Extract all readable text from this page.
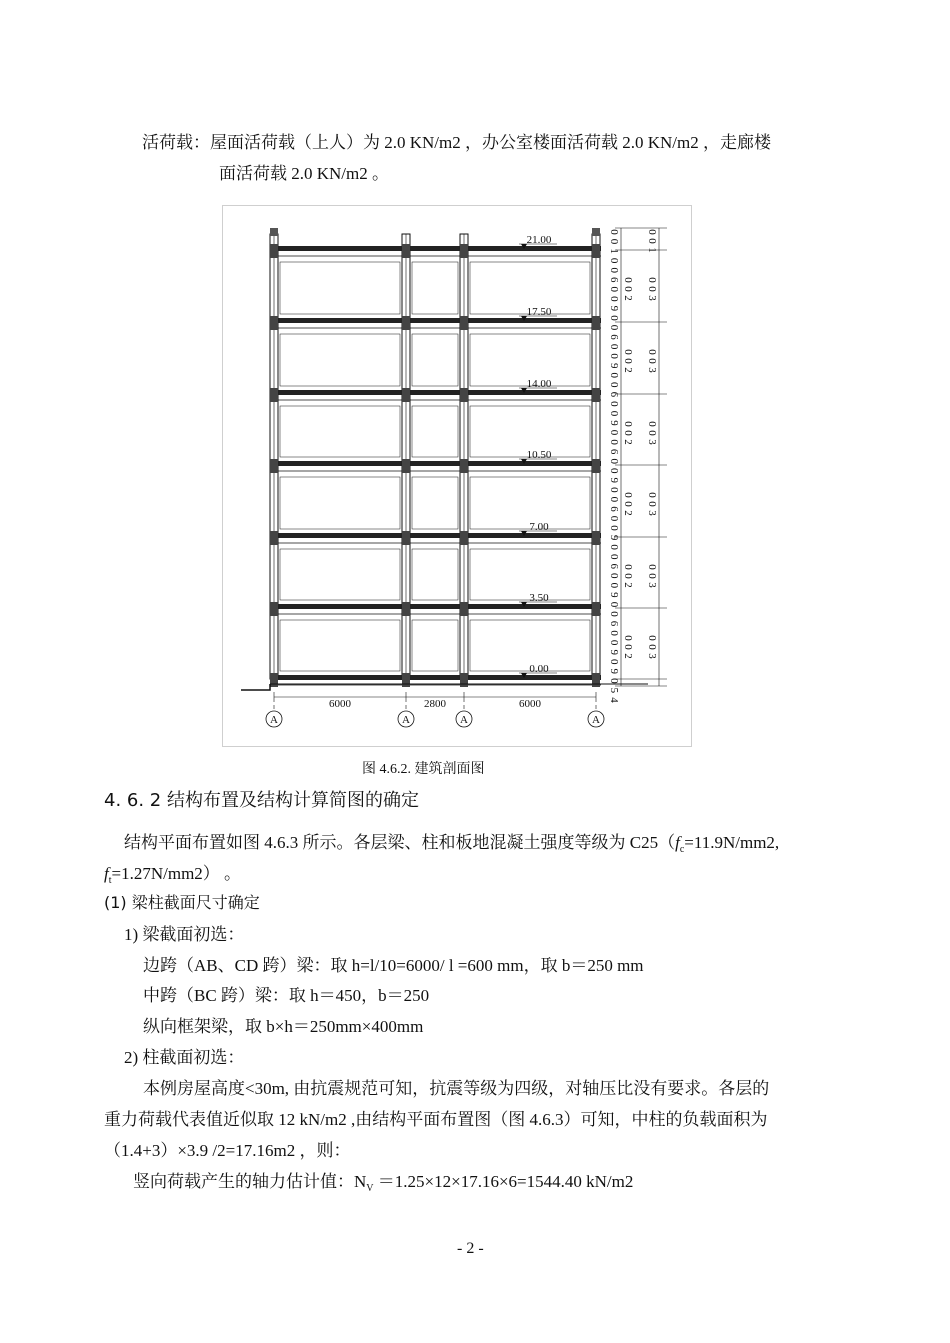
活荷载：屋面活荷载（上人）为 2.0 KN/m2 ，办公室楼面活荷载 2.0 KN/m2 ，走廊楼
面活荷载 2.0 KN/m2 。
21.00
17.50
14.00
10.50
7.00
3.50
0.00
6000	2800	6000
A	A	A	A
0
0
1
0
0
6
0
0
9
0
0
6
0
0
9
0
0
6
0
0
9
0
0
6
0
0
9
0
0
6
0
0
9
0
0
6
0
0
9
0
0
6
0
0
9
0
9
0
5
4
0
0
2
0
0
3
0
0
2
0
0
3
0
0
2
0
0
3
0
0
2
0
0
3
0
0
2
0
0
3
0
0
2
0
0
3
0
0
1
图 4.6.2. 建筑剖面图
4. 6. 2 结构布置及结构计算简图的确定
结构平面布置如图 4.6.3 所示。各层梁、柱和板地混凝土强度等级为 $C25(f_c=11.9N/mm2$,
$f_t=1.27N/mm2$） 。
(1) 梁柱截面尺寸确定
1) 梁截面初选：
边跨（AB、CD 跨）梁：取 h=l/10=6000/ l =600 mm，取 b＝250 mm
中跨（BC 跨）梁：取 h＝450，b＝250
纵向框架梁，取 b×h＝250mm×400mm
2) 柱截面初选：
本例房屋高度<30m, 由抗震规范可知，抗震等级为四级，对轴压比没有要求。各层的
重力荷载代表值近似取 12 kN/m2 ,由结构平面布置图（图 4.6.3）可知，中柱的负载面积为
（1.4+3）×3.9 /2=17.16m2 ，则：
竖向荷载产生的轴力估计值：$N_V =1.25\times 12\times 17.16\times 6=1544.40$ kN/m2
- 2 -
